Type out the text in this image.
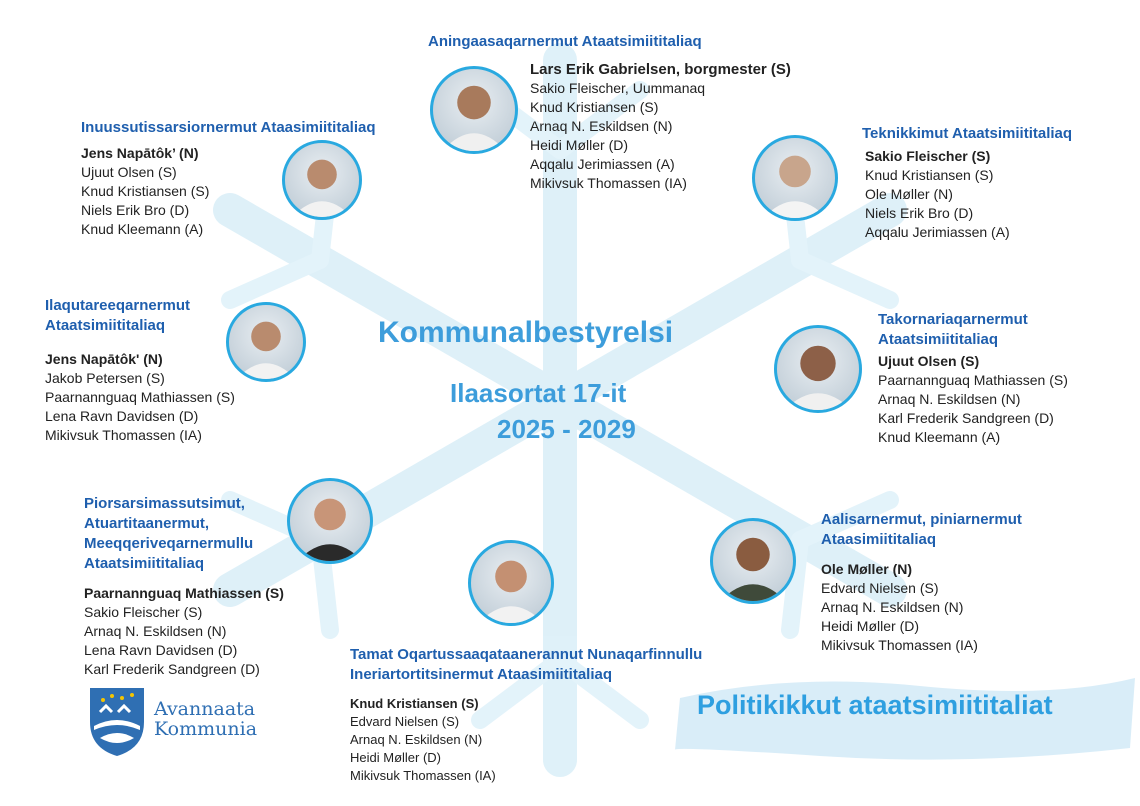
Kommunalbestyrelsi
Ilaasortat 17-it
2025 - 2029
Aningaasaqarnermut Ataatsimiititaliaq
Lars Erik Gabrielsen, borgmester (S)
Sakio Fleischer, Uummanaq
Knud Kristiansen (S)
Arnaq N. Eskildsen (N)
Heidi Møller (D)
Aqqalu Jerimiassen (A)
Mikivsuk Thomassen (IA)
Inuussutissarsiornermut Ataasimiititaliaq
Jens Napātôk’ (N)
Ujuut Olsen (S)
Knud Kristiansen (S)
Niels Erik Bro (D)
Knud Kleemann (A)
Teknikkimut Ataatsimiititaliaq
Sakio Fleischer (S)
Knud Kristiansen (S)
Ole Møller (N)
Niels Erik Bro (D)
Aqqalu Jerimiassen (A)
Ilaqutareeqarnermut
Ataatsimiititaliaq
Jens Napātôk' (N)
Jakob Petersen (S)
Paarnannguaq Mathiassen (S)
Lena Ravn Davidsen (D)
Mikivsuk Thomassen (IA)
Takornariaqarnermut
Ataatsimiititaliaq
Ujuut Olsen (S)
Paarnannguaq Mathiassen (S)
Arnaq N. Eskildsen (N)
Karl Frederik Sandgreen (D)
Knud Kleemann (A)
Piorsarsimassutsimut,
Atuartitaanermut,
Meeqqeriveqarnermullu
Ataatsimiititaliaq
Paarnannguaq Mathiassen (S)
Sakio Fleischer (S)
Arnaq N. Eskildsen (N)
Lena Ravn Davidsen (D)
Karl Frederik Sandgreen (D)
Aalisarnermut, piniarnermut
Ataasimiititaliaq
Ole Møller (N)
Edvard Nielsen (S)
Arnaq N. Eskildsen (N)
Heidi Møller (D)
Mikivsuk Thomassen (IA)
Tamat Oqartussaaqataanerannut Nunaqarfinnullu
Ineriartortitsinermut Ataasimiititaliaq
Knud Kristiansen (S)
Edvard Nielsen (S)
Arnaq N. Eskildsen (N)
Heidi Møller (D)
Mikivsuk Thomassen (IA)
Politikikkut ataatsimiititaliat
Avannaata
Kommunia
